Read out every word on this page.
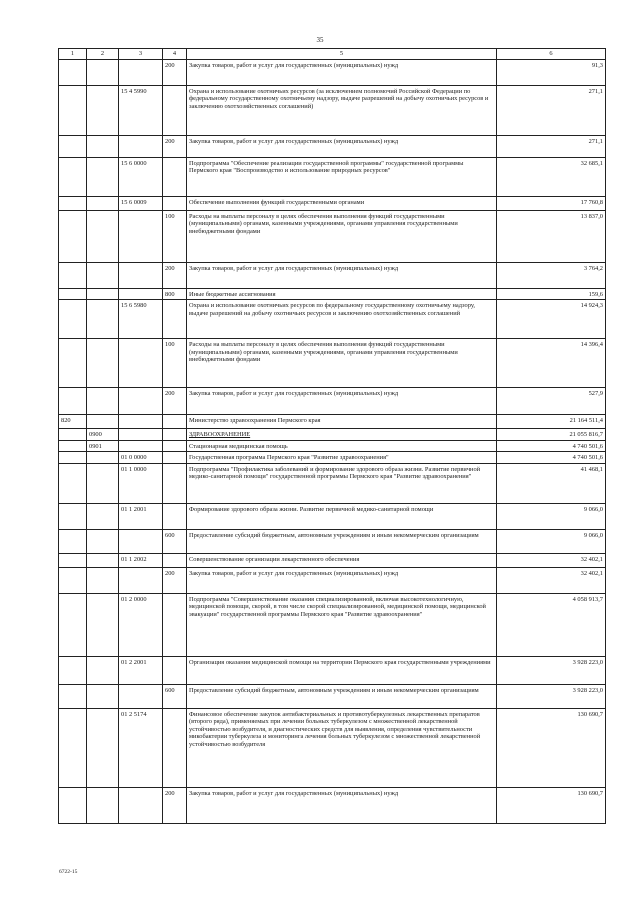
35
1	2	3	4	5	6
			200	Закупка товаров, работ и услуг для государственных (муниципальных) нужд	91,3
		15 4 5990		Охрана и использование охотничьих ресурсов (за исключением полномочий Российской Федерации по федеральному государственному охотничьему надзору, выдаче разрешений на добычу охотничьих ресурсов и заключению охотхозяйственных соглашений)	271,1
			200	Закупка товаров, работ и услуг для государственных (муниципальных) нужд	271,1
		15 6 0000		Подпрограмма "Обеспечение реализации государственной программы" государственной программы Пермского края "Воспроизводство и использование природных ресурсов"	32 685,1
		15 6 0009		Обеспечение выполнения функций государственными органами	17 760,8
			100	Расходы на выплаты персоналу в целях обеспечения выполнения функций государственными (муниципальными) органами, казенными учреждениями, органами управления государственными внебюджетными фондами	13 837,0
			200	Закупка товаров, работ и услуг для государственных (муниципальных) нужд	3 764,2
			800	Иные бюджетные ассигнования	159,6
		15 6 5980		Охрана и использование охотничьих ресурсов по федеральному государственному охотничьему надзору, выдаче разрешений на добычу охотничьих ресурсов и заключению охотхозяйственных соглашений	14 924,3
			100	Расходы на выплаты персоналу в целях обеспечения выполнения функций государственными (муниципальными) органами, казенными учреждениями, органами управления государственными внебюджетными фондами	14 396,4
			200	Закупка товаров, работ и услуг для государственных (муниципальных) нужд	527,9
820				Министерство здравоохранения Пермского края	21 164 511,4
	0900			ЗДРАВООХРАНЕНИЕ	21 055 816,7
	0901			Стационарная медицинская помощь	4 740 501,6
		01 0 0000		Государственная программа Пермского края "Развитие здравоохранения"	4 740 501,6
		01 1 0000		Подпрограмма "Профилактика заболеваний и формирование здорового образа жизни. Развитие первичной медико-санитарной помощи" государственной программы Пермского края "Развитие здравоохранения"	41 468,1
		01 1 2001		Формирование здорового образа жизни. Развитие первичной медико-санитарной помощи	9 066,0
			600	Предоставление субсидий бюджетным, автономным учреждениям и иным некоммерческим организациям	9 066,0
		01 1 2002		Совершенствование организации лекарственного обеспечения	32 402,1
			200	Закупка товаров, работ и услуг для государственных (муниципальных) нужд	32 402,1
		01 2 0000		Подпрограмма "Совершенствование оказания специализированной, включая высокотехнологичную, медицинской помощи, скорой, в том числе скорой специализированной, медицинской помощи, медицинской эвакуации" государственной программы Пермского края "Развитие здравоохранения"	4 058 913,7
		01 2 2001		Организация оказания медицинской помощи на территории Пермского края государственными учреждениями	3 928 223,0
			600	Предоставление субсидий бюджетным, автономным учреждениям и иным некоммерческим организациям	3 928 223,0
		01 2 5174		Финансовое обеспечение закупок антибактериальных и противотуберкулезных лекарственных препаратов (второго ряда), применяемых при лечении больных туберкулезом с множественной лекарственной устойчивостью возбудителя, и диагностических средств для выявления, определения чувствительности микобактерии туберкулеза и мониторинга лечения больных туберкулезом с множественной лекарственной устойчивостью возбудителя	130 690,7
			200	Закупка товаров, работ и услуг для государственных (муниципальных) нужд	130 690,7
6722-15
